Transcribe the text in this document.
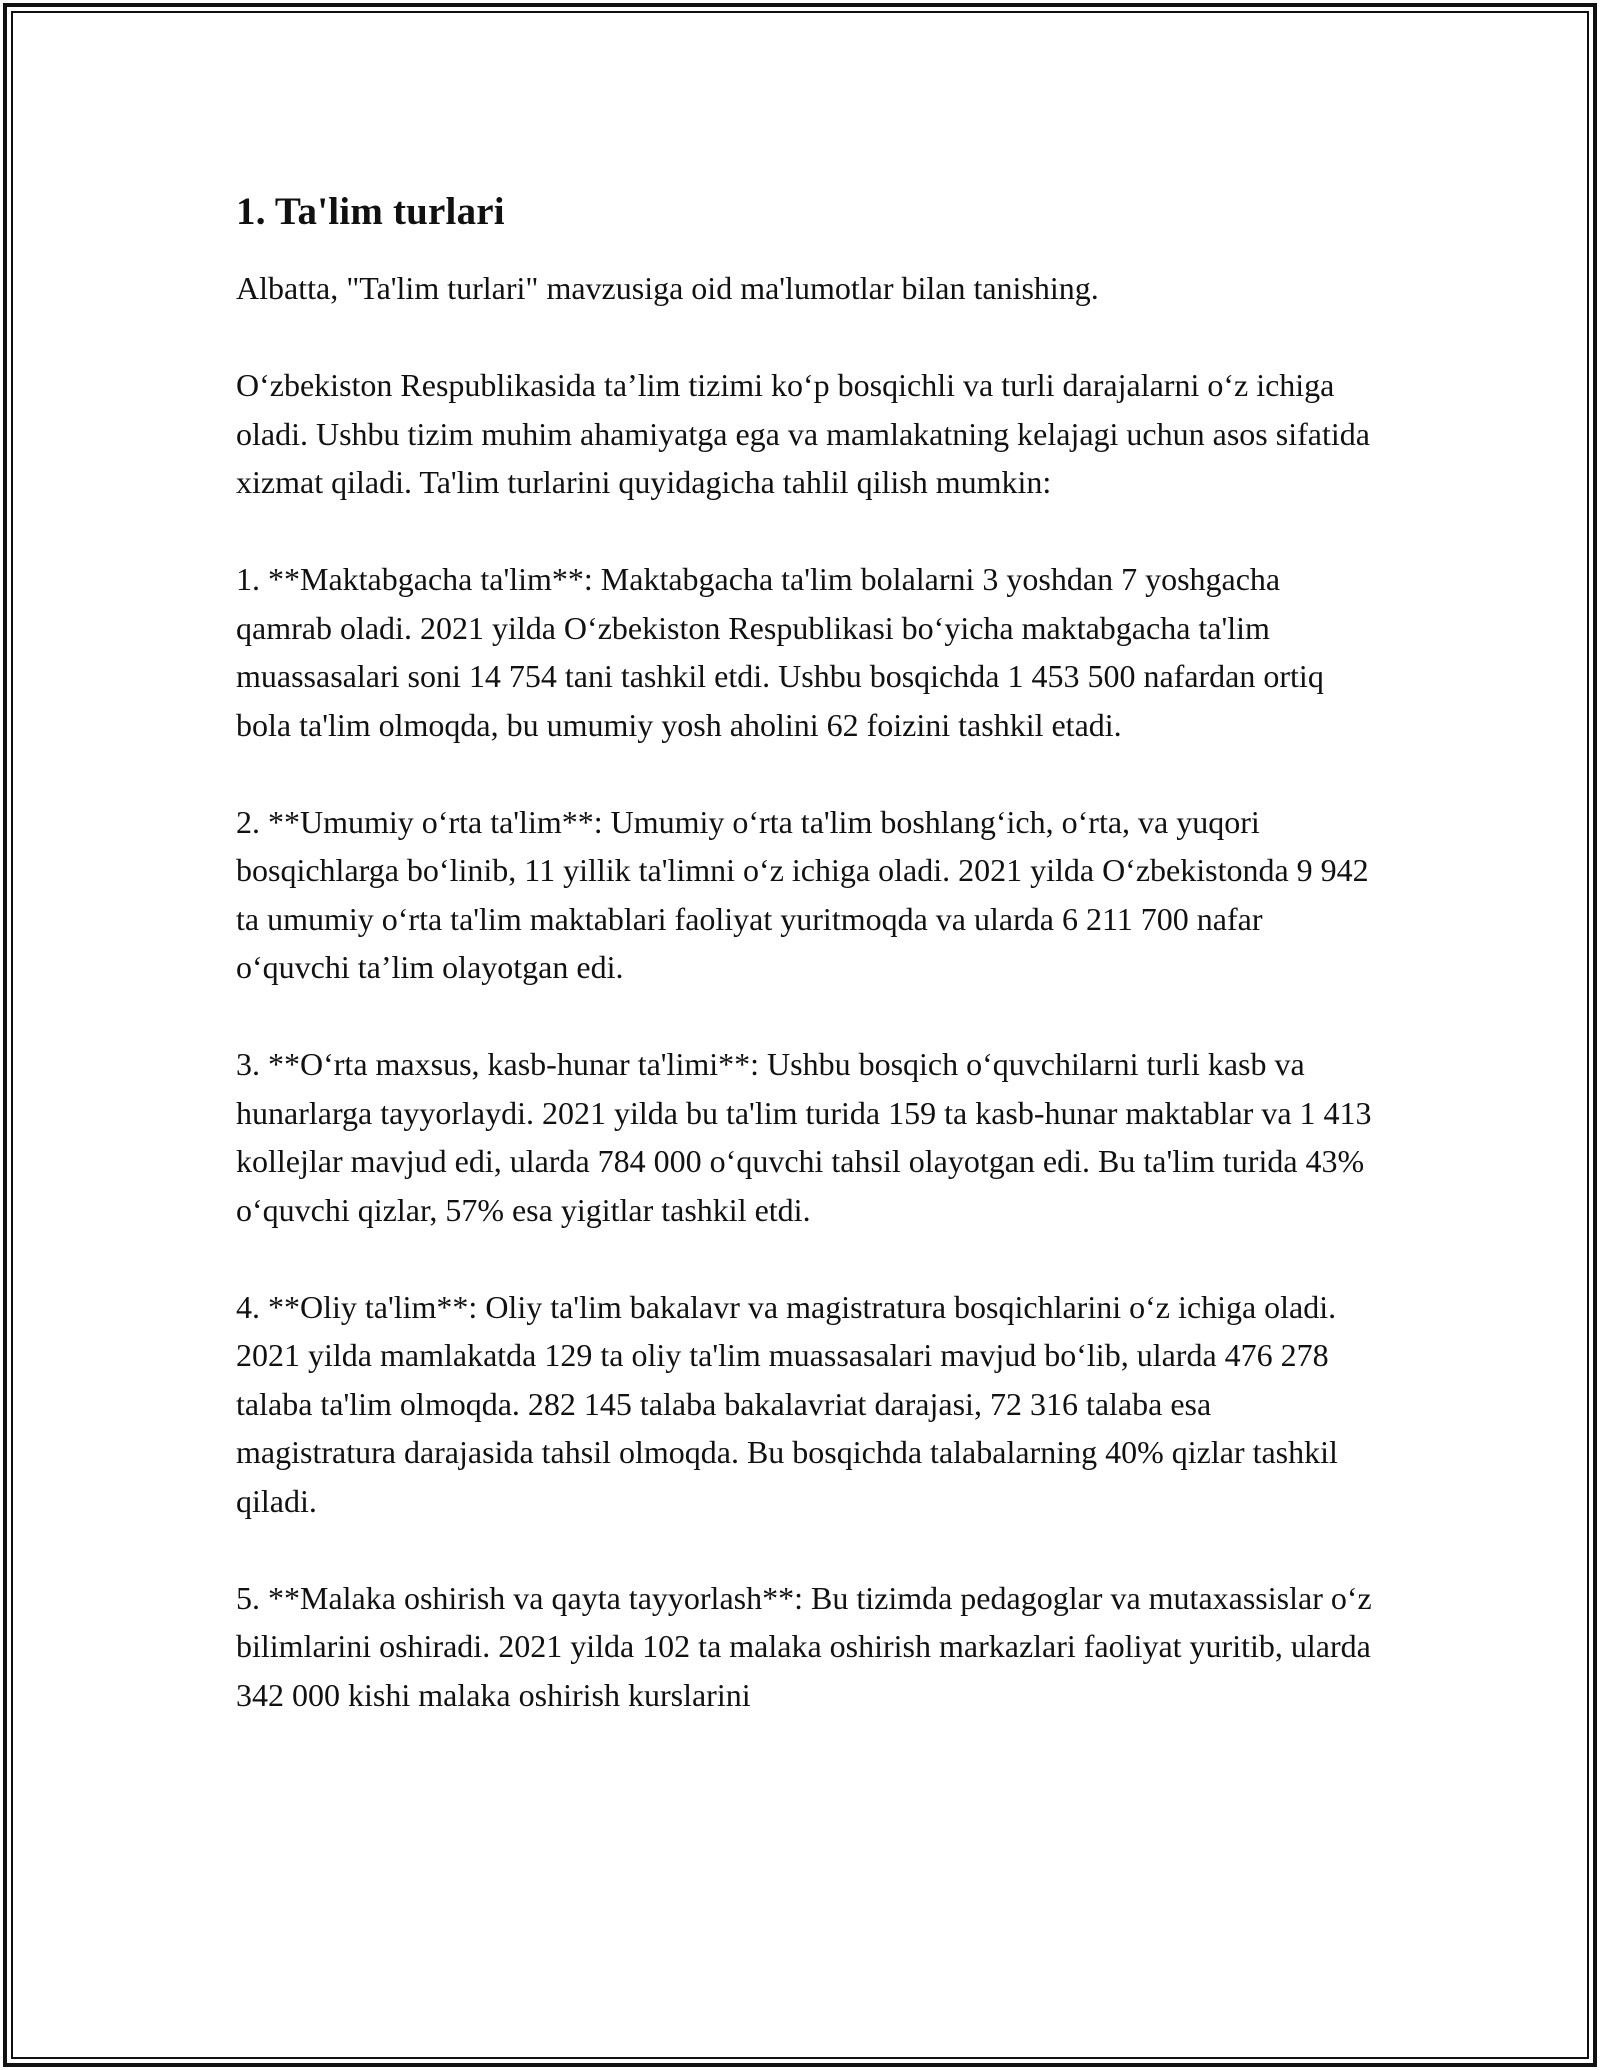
1. Ta'lim turlari

Albatta, "Ta'lim turlari" mavzusiga oid ma'lumotlar bilan tanishing.

O‘zbekiston Respublikasida ta’lim tizimi ko‘p bosqichli va turli darajalarni o‘z ichiga oladi. Ushbu tizim muhim ahamiyatga ega va mamlakatning kelajagi uchun asos sifatida xizmat qiladi. Ta'lim turlarini quyidagicha tahlil qilish mumkin:

1. **Maktabgacha ta'lim**: Maktabgacha ta'lim bolalarni 3 yoshdan 7 yoshgacha qamrab oladi. 2021 yilda O‘zbekiston Respublikasi bo‘yicha maktabgacha ta'lim muassasalari soni 14 754 tani tashkil etdi. Ushbu bosqichda 1 453 500 nafardan ortiq bola ta'lim olmoqda, bu umumiy yosh aholini 62 foizini tashkil etadi.

2. **Umumiy o‘rta ta'lim**: Umumiy o‘rta ta'lim boshlang‘ich, o‘rta, va yuqori bosqichlarga bo‘linib, 11 yillik ta'limni o‘z ichiga oladi. 2021 yilda O‘zbekistonda 9 942 ta umumiy o‘rta ta'lim maktablari faoliyat yuritmoqda va ularda 6 211 700 nafar o‘quvchi ta’lim olayotgan edi.

3. **O‘rta maxsus, kasb-hunar ta'limi**: Ushbu bosqich o‘quvchilarni turli kasb va hunarlarga tayyorlaydi. 2021 yilda bu ta'lim turida 159 ta kasb-hunar maktablar va 1 413 kollejlar mavjud edi, ularda 784 000 o‘quvchi tahsil olayotgan edi. Bu ta'lim turida 43% o‘quvchi qizlar, 57% esa yigitlar tashkil etdi.

4. **Oliy ta'lim**: Oliy ta'lim bakalavr va magistratura bosqichlarini o‘z ichiga oladi. 2021 yilda mamlakatda 129 ta oliy ta'lim muassasalari mavjud bo‘lib, ularda 476 278 talaba ta'lim olmoqda. 282 145 talaba bakalavriat darajasi, 72 316 talaba esa magistratura darajasida tahsil olmoqda. Bu bosqichda talabalarning 40% qizlar tashkil qiladi.

5. **Malaka oshirish va qayta tayyorlash**: Bu tizimda pedagoglar va mutaxassislar o‘z bilimlarini oshiradi. 2021 yilda 102 ta malaka oshirish markazlari faoliyat yuritib, ularda 342 000 kishi malaka oshirish kurslarini
